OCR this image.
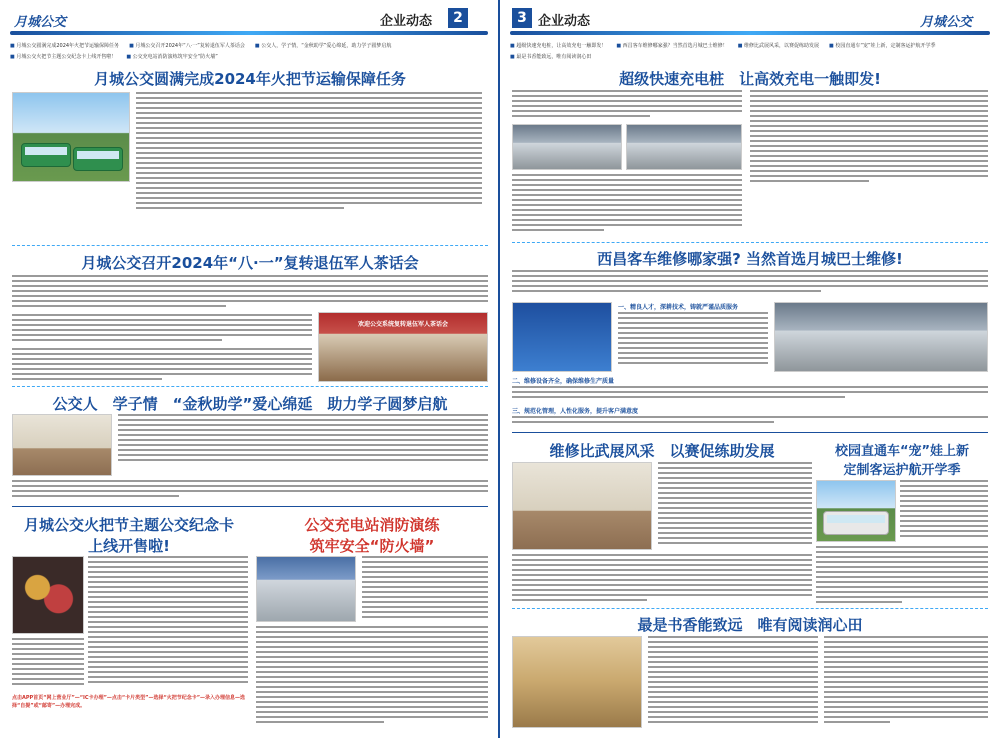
月城公交	企业动态	2
■ 月城公交圆满完成2024年火把节运输保障任务	■ 月城公交召开2024年“八·一”复转退伍军人茶话会	■ 公交人，学子情，“金秋助学”爱心绵延，助力学子圆梦启航
■ 月城公交火把节主题公交纪念卡上线开售啦！	■ 公交充电站消防演练筑牢安全“防火墙”
月城公交圆满完成2024年火把节运输保障任务
月城公交召开2024年“八·一”复转退伍军人茶话会
欢迎公交系统复转退伍军人茶话会
公交人　学子情　“金秋助学”爱心绵延　助力学子圆梦启航
月城公交火把节主题公交纪念卡
上线开售啦!
点击APP首页“网上营业厅”—“IC卡办理”—点击“卡片类型”—选择“火把节纪念卡”—录入办理信息—选择“自提”或“邮寄”—办理完成。
公交充电站消防演练
筑牢安全“防火墙”
3 企业动态	月城公交
■ 超级快速充电桩，让高效充电一触即发！	■ 西昌客车维修哪家强？当然首选月城巴士维修！	■ 维修比武展风采，以赛促练助发展	■ 校园直通车“宠”娃上新，定制客运护航开学季
■ 最是书香能致远，唯有阅读润心田
超级快速充电桩　让高效充电一触即发!
西昌客车维修哪家强? 当然首选月城巴士维修!
一、精良人才，深耕技术，铸就严谨品质服务
二、维修设备齐全，确保维修生产质量
三、规范化管理，人性化服务，提升客户满意度
维修比武展风采　以赛促练助发展	校园直通车“宠”娃上新
定制客运护航开学季
最是书香能致远　唯有阅读润心田
